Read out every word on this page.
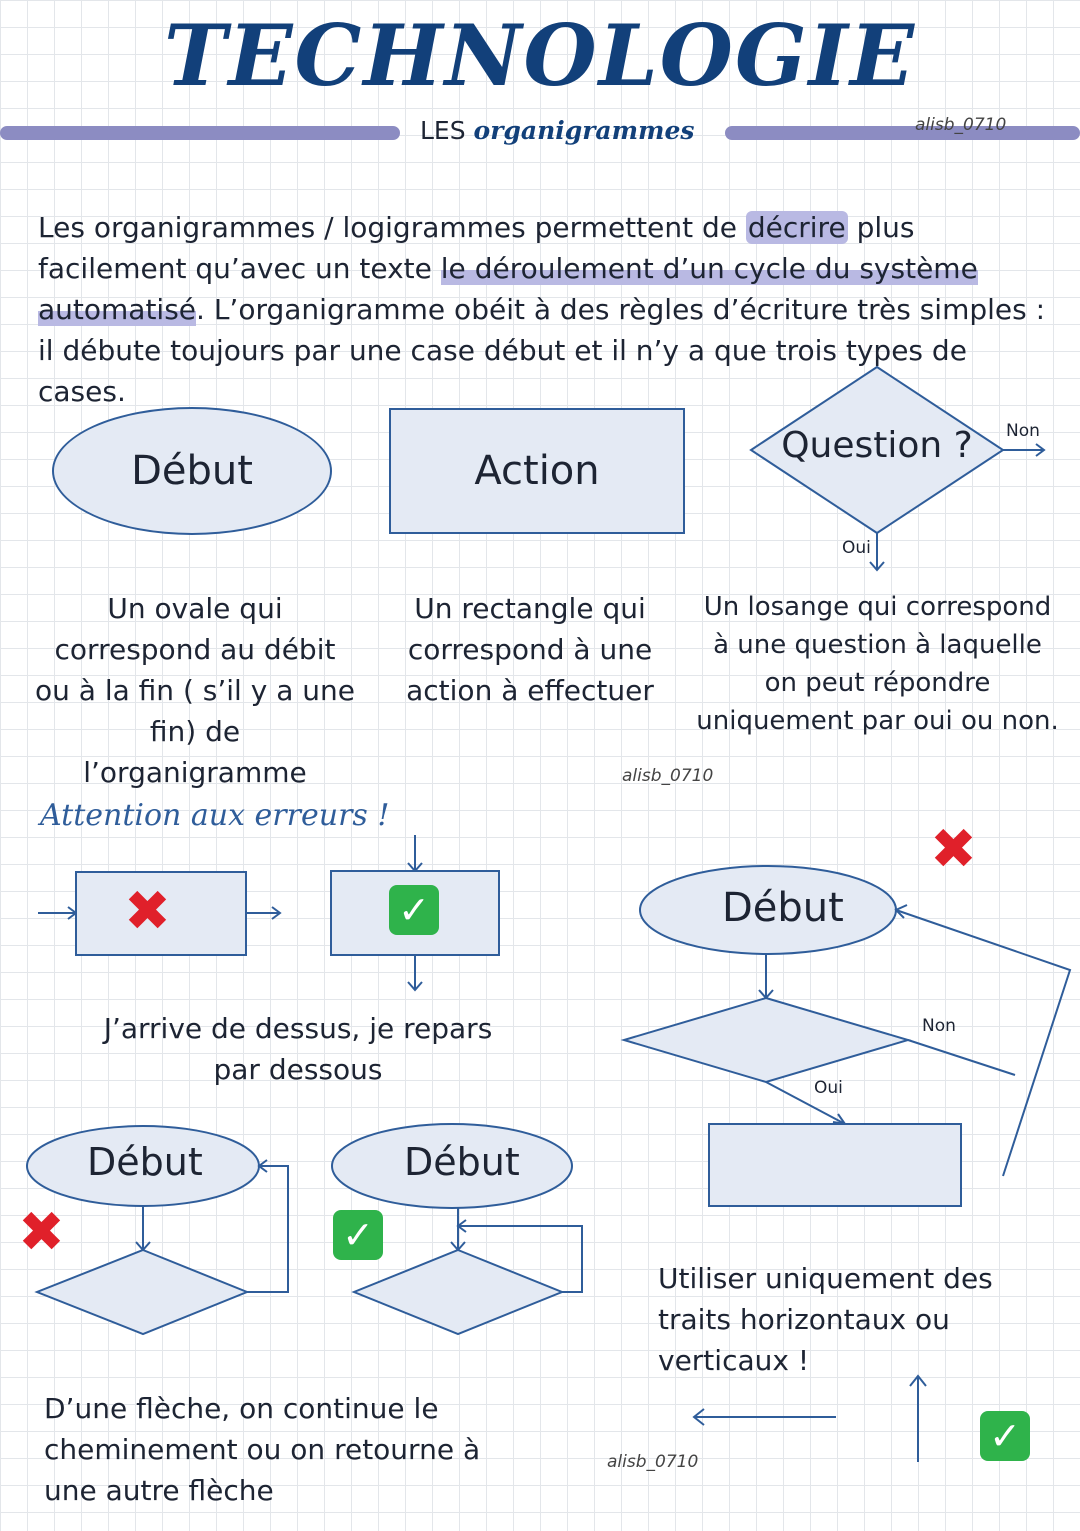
TECHNOLOGIE
LES organigrammes	alisb_0710
Les organigrammes / logigrammes permettent de décrire plus facilement qu’avec un texte le déroulement d’un cycle du système automatisé. L’organigramme obéit à des règles d’écriture très simples : il débute toujours par une case début et il n’y a que trois types de cases.
Début	Action
Question ?	Non
Oui
Un ovale qui correspond au débit ou à la fin ( s’il y a une fin) de l’organigramme
Un rectangle qui correspond à une action à effectuer
Un losange qui correspond à une question à laquelle on peut répondre uniquement par oui ou non.
alisb_0710
Attention aux erreurs !
✖	✓
J’arrive de dessus, je repars par dessous
Début
✖
Début
✓
✖
Début
Non
Oui
Utiliser uniquement des traits horizontaux ou verticaux !
D’une flèche, on continue le cheminement ou on retourne à une autre flèche
alisb_0710
✓
